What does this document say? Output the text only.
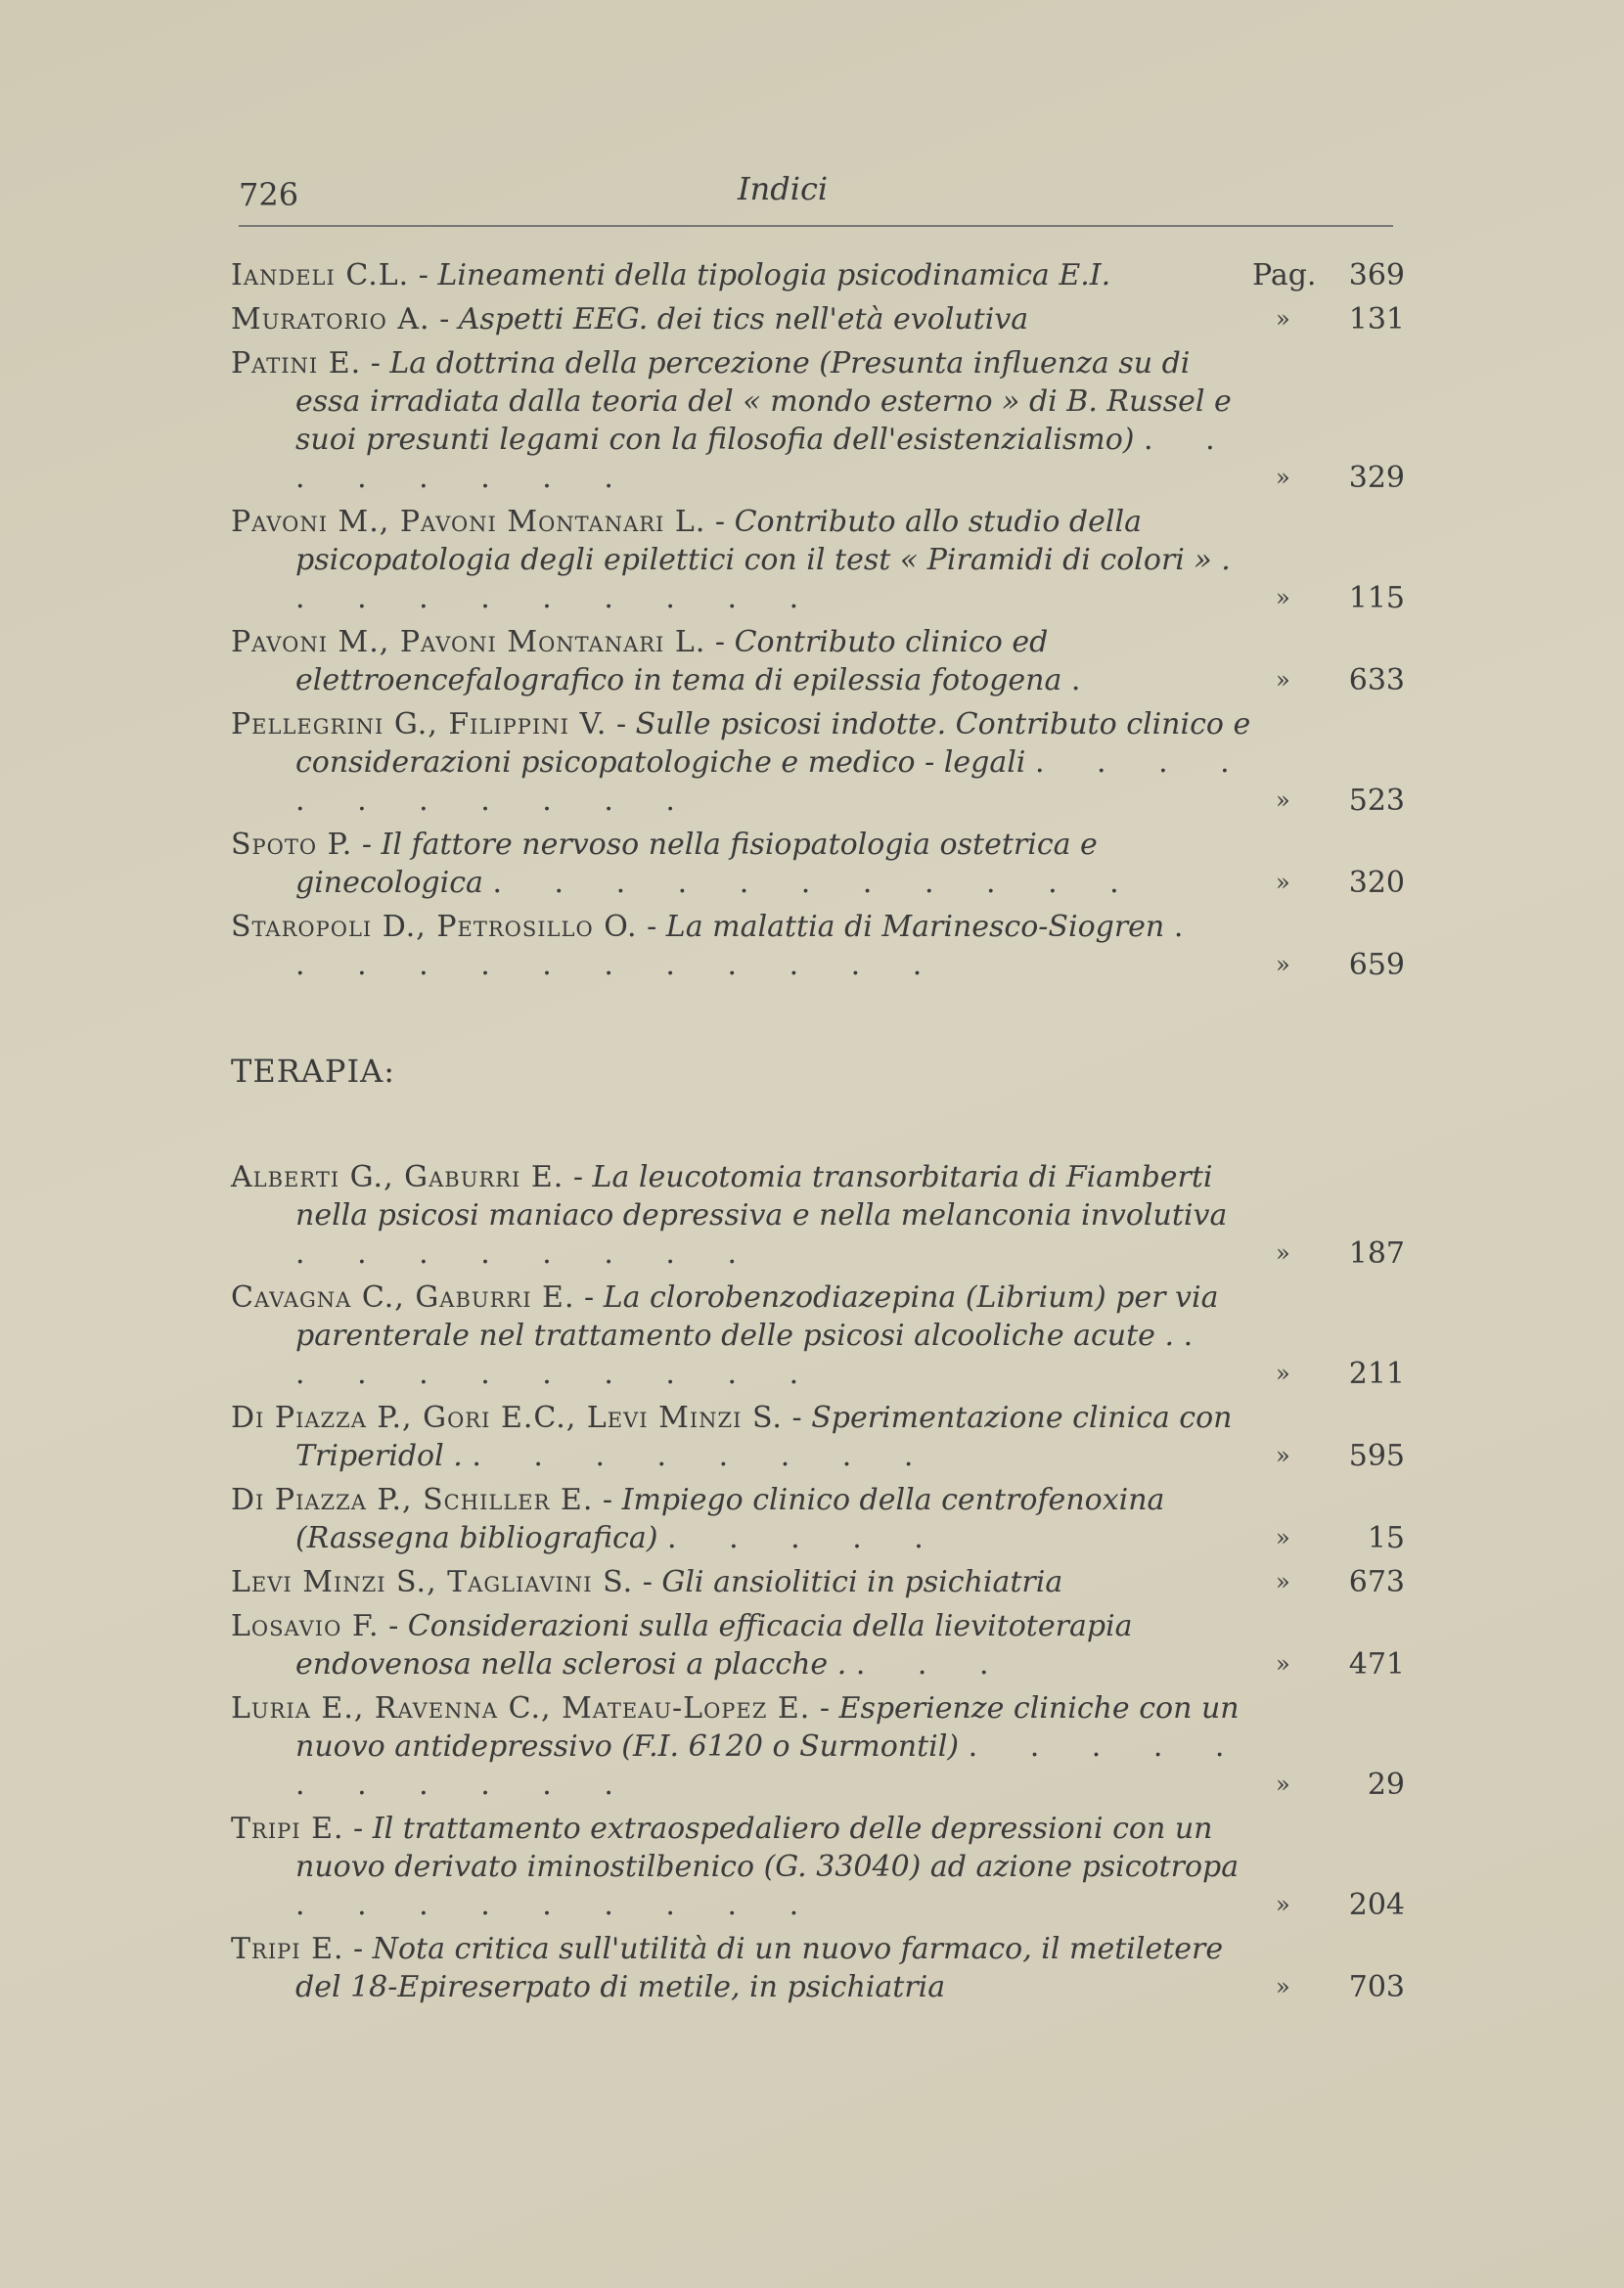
726	Indici
Iandeli C.L. - Lineamenti della tipologia psicodinamica E.I.	Pag. 369
Muratorio A. - Aspetti EEG. dei tics nell'età evolutiva	» 131
Patini E. - La dottrina della percezione (Presunta influenza su di essa irradiata dalla teoria del « mondo esterno » di B. Russel e suoi presunti legami con la filosofia dell'esistenzialismo) . . . . . . . .	» 329
Pavoni M., Pavoni Montanari L. - Contributo allo studio della psicopatologia degli epilettici con il test « Piramidi di colori » . . . . . . . . . .	» 115
Pavoni M., Pavoni Montanari L. - Contributo clinico ed elettroencefalografico in tema di epilessia fotogena .	» 633
Pellegrini G., Filippini V. - Sulle psicosi indotte. Contributo clinico e considerazioni psicopatologiche e medico - legali . . . . . . . . . . .	» 523
Spoto P. - Il fattore nervoso nella fisiopatologia ostetrica e ginecologica . . . . . . . . . . .	» 320
Staropoli D., Petrosillo O. - La malattia di Marinesco-Siogren . . . . . . . . . . . .	» 659
TERAPIA:
Alberti G., Gaburri E. - La leucotomia transorbitaria di Fiamberti nella psicosi maniaco depressiva e nella melanconia involutiva . . . . . . . .	» 187
Cavagna C., Gaburri E. - La clorobenzodiazepina (Librium) per via parenterale nel trattamento delle psicosi alcooliche acute . . . . . . . . . . .	» 211
Di Piazza P., Gori E.C., Levi Minzi S. - Sperimentazione clinica con Triperidol . . . . . . . . .	» 595
Di Piazza P., Schiller E. - Impiego clinico della centrofenoxina (Rassegna bibliografica) . . . . .	»	15
Levi Minzi S., Tagliavini S. - Gli ansiolitici in psichiatria	» 673
Losavio F. - Considerazioni sulla efficacia della lievitoterapia endovenosa nella sclerosi a placche . . . .	» 471
Luria E., Ravenna C., Mateau-Lopez E. - Esperienze cliniche con un nuovo antidepressivo (F.I. 6120 o Surmontil) . . . . . . . . . . .	»	29
Tripi E. - Il trattamento extraospedaliero delle depressioni con un nuovo derivato iminostilbenico (G. 33040) ad azione psicotropa . . . . . . . . .	» 204
Tripi E. - Nota critica sull'utilità di un nuovo farmaco, il metiletere del 18-Epireserpato di metile, in psichiatria	» 703
